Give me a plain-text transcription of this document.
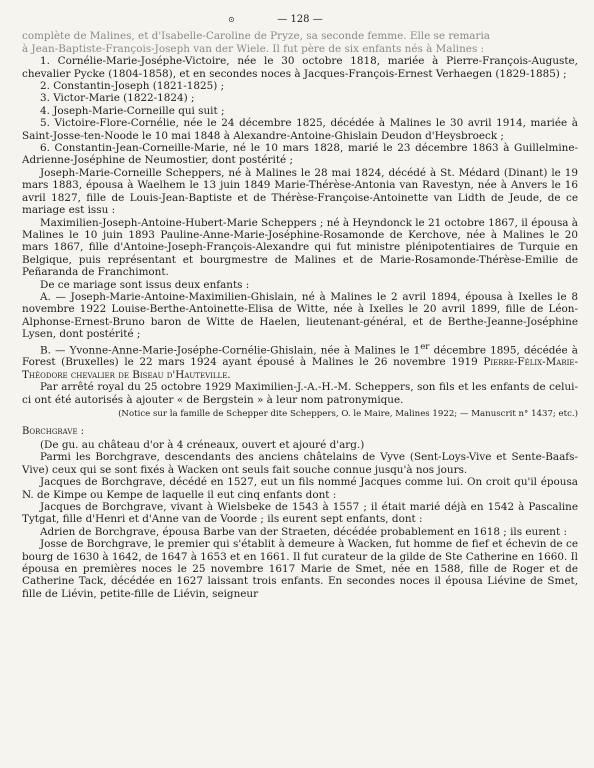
⊙	— 128 —

complète de Malines, et d'Isabelle-Caroline de Pryze, sa seconde femme. Elle se remaria

à Jean-Baptiste-François-Joseph van der Wiele. Il fut père de six enfants nés à Malines :

1. Cornélie-Marie-Joséphe-Victoire, née le 30 octobre 1818, mariée à Pierre-François-Auguste, chevalier Pycke (1804-1858), et en secondes noces à Jacques-François-Ernest Verhaegen (1829-1885) ;

2. Constantin-Joseph (1821-1825) ;

3. Victor-Marie (1822-1824) ;

4. Joseph-Marie-Corneille qui suit ;

5. Victoire-Flore-Cornélie, née le 24 décembre 1825, décédée à Malines le 30 avril 1914, mariée à Saint-Josse-ten-Noode le 10 mai 1848 à Alexandre-Antoine-Ghislain Deudon d'Heysbroeck ;

6. Constantin-Jean-Corneille-Marie, né le 10 mars 1828, marié le 23 décembre 1863 à Guillelmine-Adrienne-Joséphine de Neumostier, dont postérité ;

Joseph-Marie-Corneille Scheppers, né à Malines le 28 mai 1824, décédé à St. Médard (Dinant) le 19 mars 1883, épousa à Waelhem le 13 juin 1849 Marie-Thérèse-Antonia van Ravestyn, née à Anvers le 16 avril 1827, fille de Louis-Jean-Baptiste et de Thérèse-Françoise-Antoinette van Lidth de Jeude, de ce mariage est issu :

Maximilien-Joseph-Antoine-Hubert-Marie Scheppers ; né à Heyndonck le 21 octobre 1867, il épousa à Malines le 10 juin 1893 Pauline-Anne-Marie-Joséphine-Rosamonde de Kerchove, née à Malines le 20 mars 1867, fille d'Antoine-Joseph-François-Alexandre qui fut ministre plénipotentiaires de Turquie en Belgique, puis représentant et bourgmestre de Malines et de Marie-Rosamonde-Thérèse-Emilie de Peñaranda de Franchimont.

De ce mariage sont issus deux enfants :

A. — Joseph-Marie-Antoine-Maximilien-Ghislain, né à Malines le 2 avril 1894, épousa à Ixelles le 8 novembre 1922 Louise-Berthe-Antoinette-Elisa de Witte, née à Ixelles le 20 avril 1899, fille de Léon-Alphonse-Ernest-Bruno baron de Witte de Haelen, lieutenant-général, et de Berthe-Jeanne-Joséphine Lysen, dont postérité ;

B. — Yvonne-Anne-Marie-Joséphe-Cornélie-Ghislain, née à Malines le 1er décembre 1895, décédée à Forest (Bruxelles) le 22 mars 1924 ayant épousé à Malines le 26 novembre 1919 Pierre-Félix-Marie-Théodore chevalier de Biseau d'Hauteville.

Par arrêté royal du 25 octobre 1929 Maximilien-J.-A.-H.-M. Scheppers, son fils et les enfants de celui-ci ont été autorisés à ajouter « de Bergstein » à leur nom patronymique.

(Notice sur la famille de Schepper dite Scheppers, O. le Maire, Malines 1922; — Manuscrit n° 1437; etc.)

Borchgrave :

(De gu. au château d'or à 4 créneaux, ouvert et ajouré d'arg.)

Parmi les Borchgrave, descendants des anciens châtelains de Vyve (Sent-Loys-Vive et Sente-Baafs-Vive) ceux qui se sont fixés à Wacken ont seuls fait souche connue jusqu'à nos jours.

Jacques de Borchgrave, décédé en 1527, eut un fils nommé Jacques comme lui. On croit qu'il épousa N. de Kimpe ou Kempe de laquelle il eut cinq enfants dont :

Jacques de Borchgrave, vivant à Wielsbeke de 1543 à 1557 ; il était marié déjà en 1542 à Pascaline Tytgat, fille d'Henri et d'Anne van de Voorde ; ils eurent sept enfants, dont :

Adrien de Borchgrave, épousa Barbe van der Straeten, décédée probablement en 1618 ; ils eurent :

Josse de Borchgrave, le premier qui s'établit à demeure à Wacken, fut homme de fief et échevin de ce bourg de 1630 à 1642, de 1647 à 1653 et en 1661. Il fut curateur de la gilde de Ste Catherine en 1660. Il épousa en premières noces le 25 novembre 1617 Marie de Smet, née en 1588, fille de Roger et de Catherine Tack, décédée en 1627 laissant trois enfants. En secondes noces il épousa Liévine de Smet, fille de Liévin, petite-fille de Liévin, seigneur
